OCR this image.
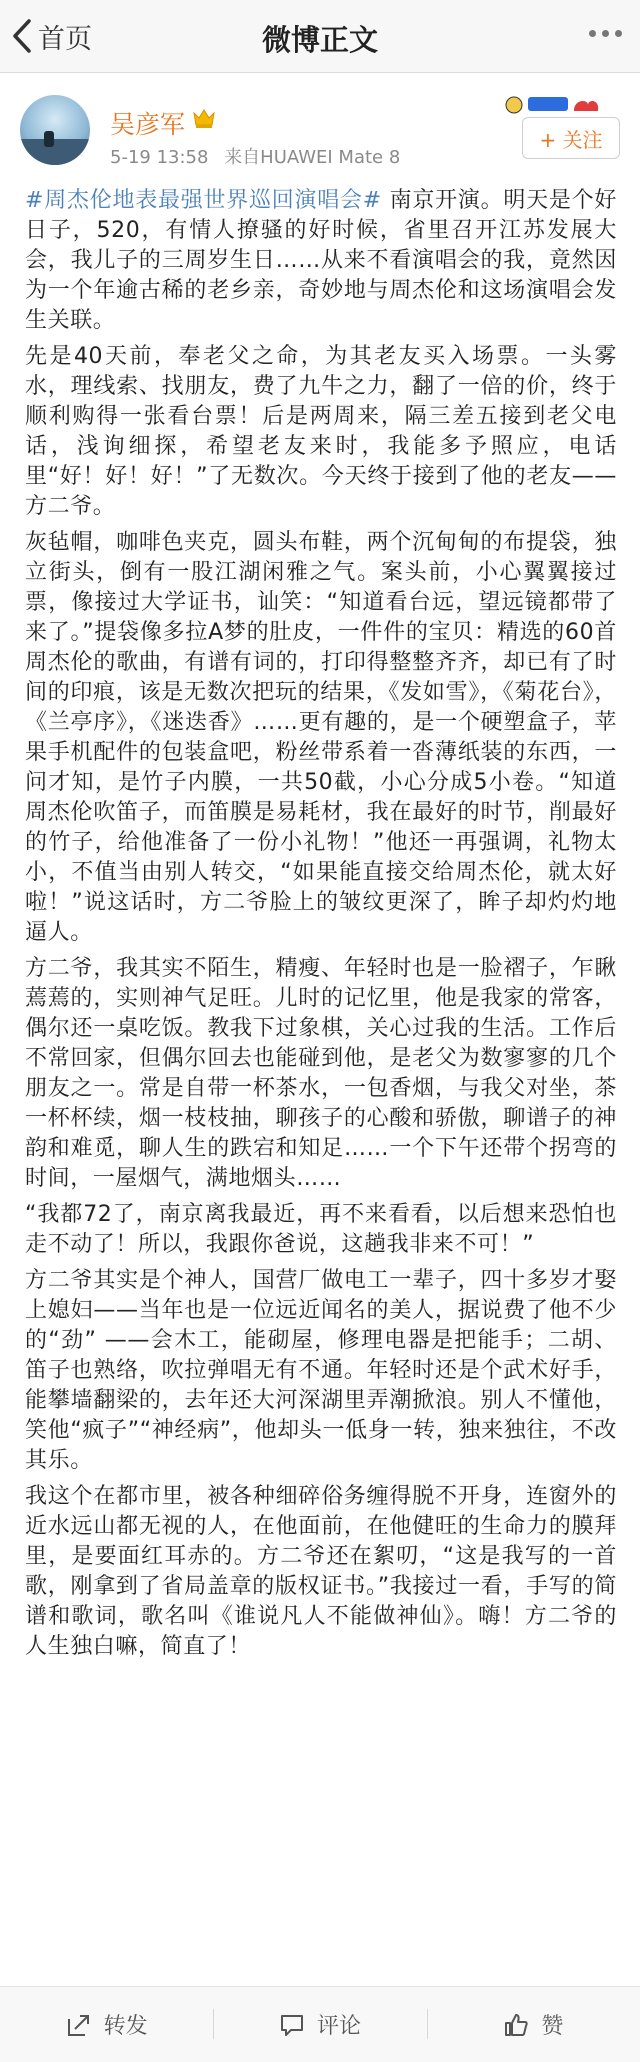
首页	微博正文
吴彦军
5-19 13:58 来自HUAWEI Mate 8
+ 关注

#周杰伦地表最强世界巡回演唱会# 南京开演。明天是个好日子，520，有情人撩骚的好时候，省里召开江苏发展大会，我儿子的三周岁生日……从来不看演唱会的我，竟然因为一个年逾古稀的老乡亲，奇妙地与周杰伦和这场演唱会发生关联。

先是40天前，奉老父之命，为其老友买入场票。一头雾水，理线索、找朋友，费了九牛之力，翻了一倍的价，终于顺利购得一张看台票！后是两周来，隔三差五接到老父电话，浅询细探，希望老友来时，我能多予照应，电话里“好！好！好！”了无数次。今天终于接到了他的老友——方二爷。

灰毡帽，咖啡色夹克，圆头布鞋，两个沉甸甸的布提袋，独立街头，倒有一股江湖闲雅之气。案头前，小心翼翼接过票，像接过大学证书，讪笑：“知道看台远，望远镜都带了来了。”提袋像多拉A梦的肚皮，一件件的宝贝：精选的60首周杰伦的歌曲，有谱有词的，打印得整整齐齐，却已有了时间的印痕，该是无数次把玩的结果，《发如雪》，《菊花台》，《兰亭序》，《迷迭香》……更有趣的，是一个硬塑盒子，苹果手机配件的包装盒吧，粉丝带系着一沓薄纸装的东西，一问才知，是竹子内膜，一共50截，小心分成5小卷。“知道周杰伦吹笛子，而笛膜是易耗材，我在最好的时节，削最好的竹子，给他准备了一份小礼物！”他还一再强调，礼物太小，不值当由别人转交，“如果能直接交给周杰伦，就太好啦！”说这话时，方二爷脸上的皱纹更深了，眸子却灼灼地逼人。

方二爷，我其实不陌生，精瘦、年轻时也是一脸褶子，乍瞅蔫蔫的，实则神气足旺。儿时的记忆里，他是我家的常客，偶尔还一桌吃饭。教我下过象棋，关心过我的生活。工作后不常回家，但偶尔回去也能碰到他，是老父为数寥寥的几个朋友之一。常是自带一杯茶水，一包香烟，与我父对坐，茶一杯杯续，烟一枝枝抽，聊孩子的心酸和骄傲，聊谱子的神韵和难觅，聊人生的跌宕和知足……一个下午还带个拐弯的时间，一屋烟气，满地烟头……

“我都72了，南京离我最近，再不来看看，以后想来恐怕也走不动了！所以，我跟你爸说，这趟我非来不可！”

方二爷其实是个神人，国营厂做电工一辈子，四十多岁才娶上媳妇——当年也是一位远近闻名的美人，据说费了他不少的“劲” ——会木工，能砌屋，修理电器是把能手；二胡、笛子也熟络，吹拉弹唱无有不通。年轻时还是个武术好手，能攀墙翻梁的，去年还大河深湖里弄潮掀浪。别人不懂他，笑他“疯子”“神经病”，他却头一低身一转，独来独往，不改其乐。

我这个在都市里，被各种细碎俗务缠得脱不开身，连窗外的近水远山都无视的人，在他面前，在他健旺的生命力的膜拜里，是要面红耳赤的。方二爷还在絮叨，“这是我写的一首歌，刚拿到了省局盖章的版权证书。”我接过一看，手写的简谱和歌词，歌名叫《谁说凡人不能做神仙》。嗨！方二爷的人生独白嘛，简直了！

转发	评论	赞
